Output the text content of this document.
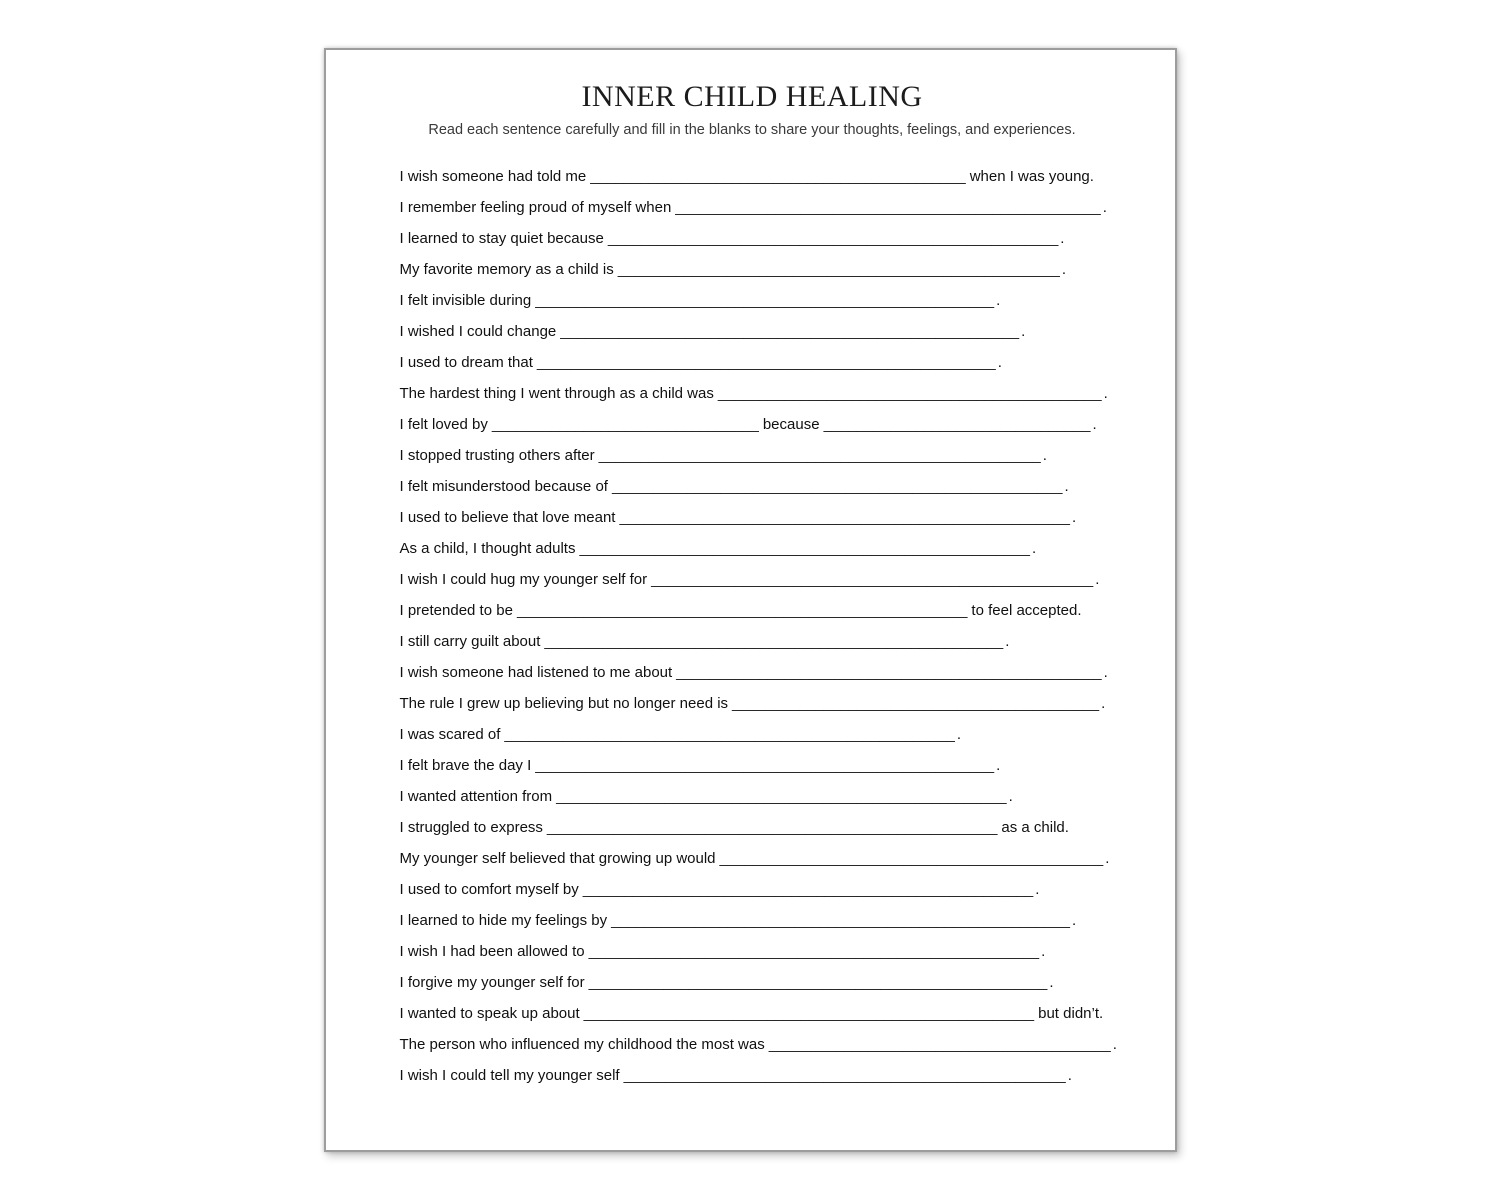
INNER CHILD HEALING
Read each sentence carefully and fill in the blanks to share your thoughts, feelings, and experiences.
I wish someone had told me _____________________________________________ when I was young.
I remember feeling proud of myself when ___________________________________________________ .
I learned to stay quiet because ______________________________________________________ .
My favorite memory as a child is _____________________________________________________ .
I felt invisible during _______________________________________________________ .
I wished I could change _______________________________________________________ .
I used to dream that _______________________________________________________ .
The hardest thing I went through as a child was ______________________________________________ .
I felt loved by ________________________________ because ________________________________ .
I stopped trusting others after _____________________________________________________ .
I felt misunderstood because of ______________________________________________________ .
I used to believe that love meant ______________________________________________________ .
As a child, I thought adults ______________________________________________________ .
I wish I could hug my younger self for _____________________________________________________ .
I pretended to be ______________________________________________________ to feel accepted.
I still carry guilt about _______________________________________________________ .
I wish someone had listened to me about ___________________________________________________ .
The rule I grew up believing but no longer need is ____________________________________________ .
I was scared of ______________________________________________________ .
I felt brave the day I _______________________________________________________ .
I wanted attention from ______________________________________________________ .
I struggled to express ______________________________________________________ as a child.
My younger self believed that growing up would ______________________________________________ .
I used to comfort myself by ______________________________________________________ .
I learned to hide my feelings by _______________________________________________________ .
I wish I had been allowed to ______________________________________________________ .
I forgive my younger self for _______________________________________________________ .
I wanted to speak up about ______________________________________________________ but didn’t.
The person who influenced my childhood the most was _________________________________________ .
I wish I could tell my younger self _____________________________________________________ .
